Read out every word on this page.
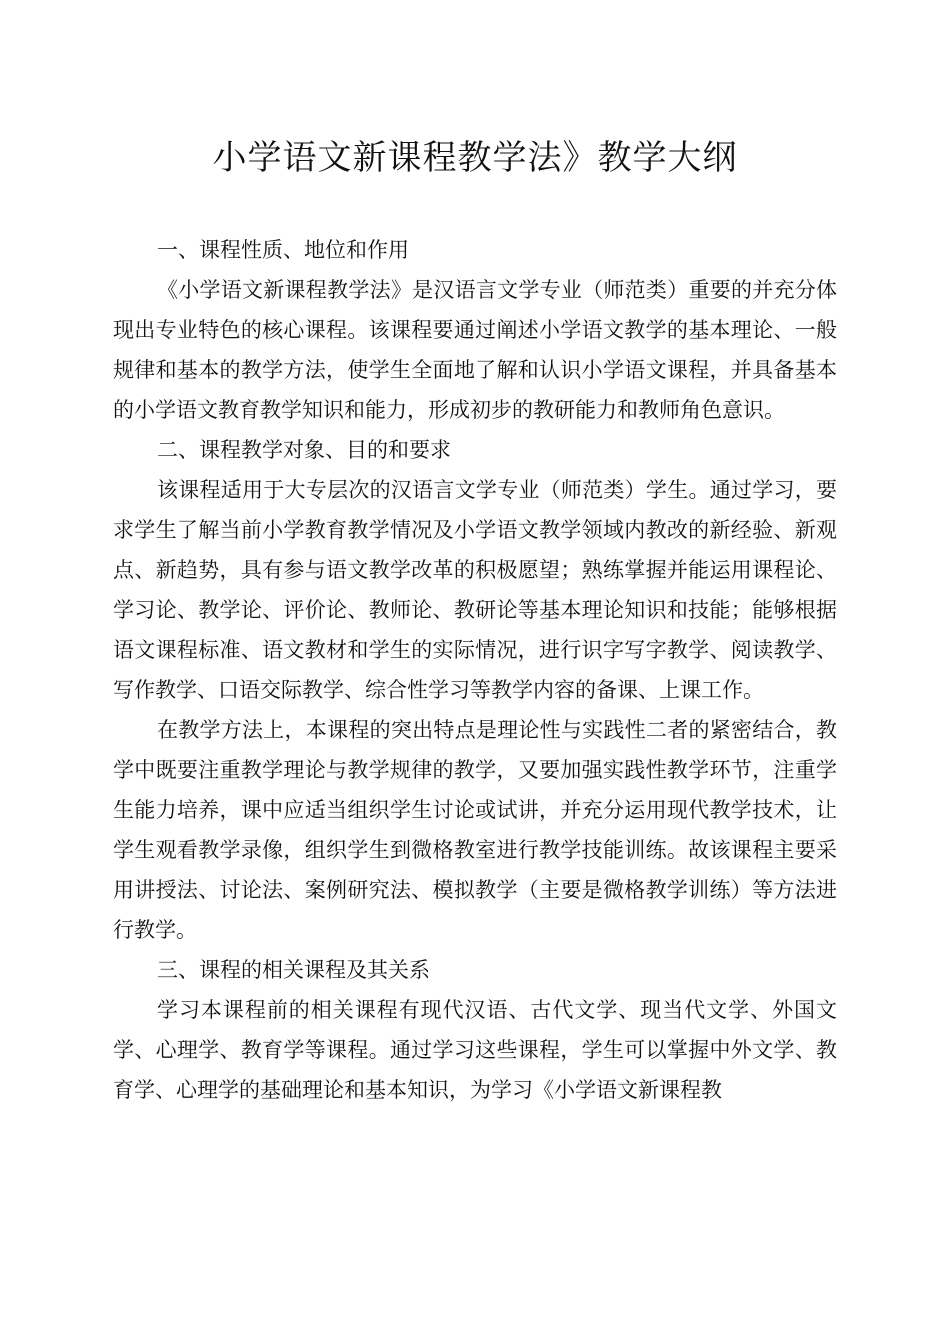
小学语文新课程教学法》教学大纲

一、课程性质、地位和作用

《小学语文新课程教学法》是汉语言文学专业（师范类）重要的并充分体现出专业特色的核心课程。该课程要通过阐述小学语文教学的基本理论、一般规律和基本的教学方法，使学生全面地了解和认识小学语文课程，并具备基本的小学语文教育教学知识和能力，形成初步的教研能力和教师角色意识。

二、课程教学对象、目的和要求

该课程适用于大专层次的汉语言文学专业（师范类）学生。通过学习，要求学生了解当前小学教育教学情况及小学语文教学领域内教改的新经验、新观点、新趋势，具有参与语文教学改革的积极愿望；熟练掌握并能运用课程论、学习论、教学论、评价论、教师论、教研论等基本理论知识和技能；能够根据语文课程标准、语文教材和学生的实际情况，进行识字写字教学、阅读教学、写作教学、口语交际教学、综合性学习等教学内容的备课、上课工作。

在教学方法上，本课程的突出特点是理论性与实践性二者的紧密结合，教学中既要注重教学理论与教学规律的教学，又要加强实践性教学环节，注重学生能力培养，课中应适当组织学生讨论或试讲，并充分运用现代教学技术，让学生观看教学录像，组织学生到微格教室进行教学技能训练。故该课程主要采用讲授法、讨论法、案例研究法、模拟教学（主要是微格教学训练）等方法进行教学。

三、课程的相关课程及其关系

学习本课程前的相关课程有现代汉语、古代文学、现当代文学、外国文学、心理学、教育学等课程。通过学习这些课程，学生可以掌握中外文学、教育学、心理学的基础理论和基本知识，为学习《小学语文新课程教
